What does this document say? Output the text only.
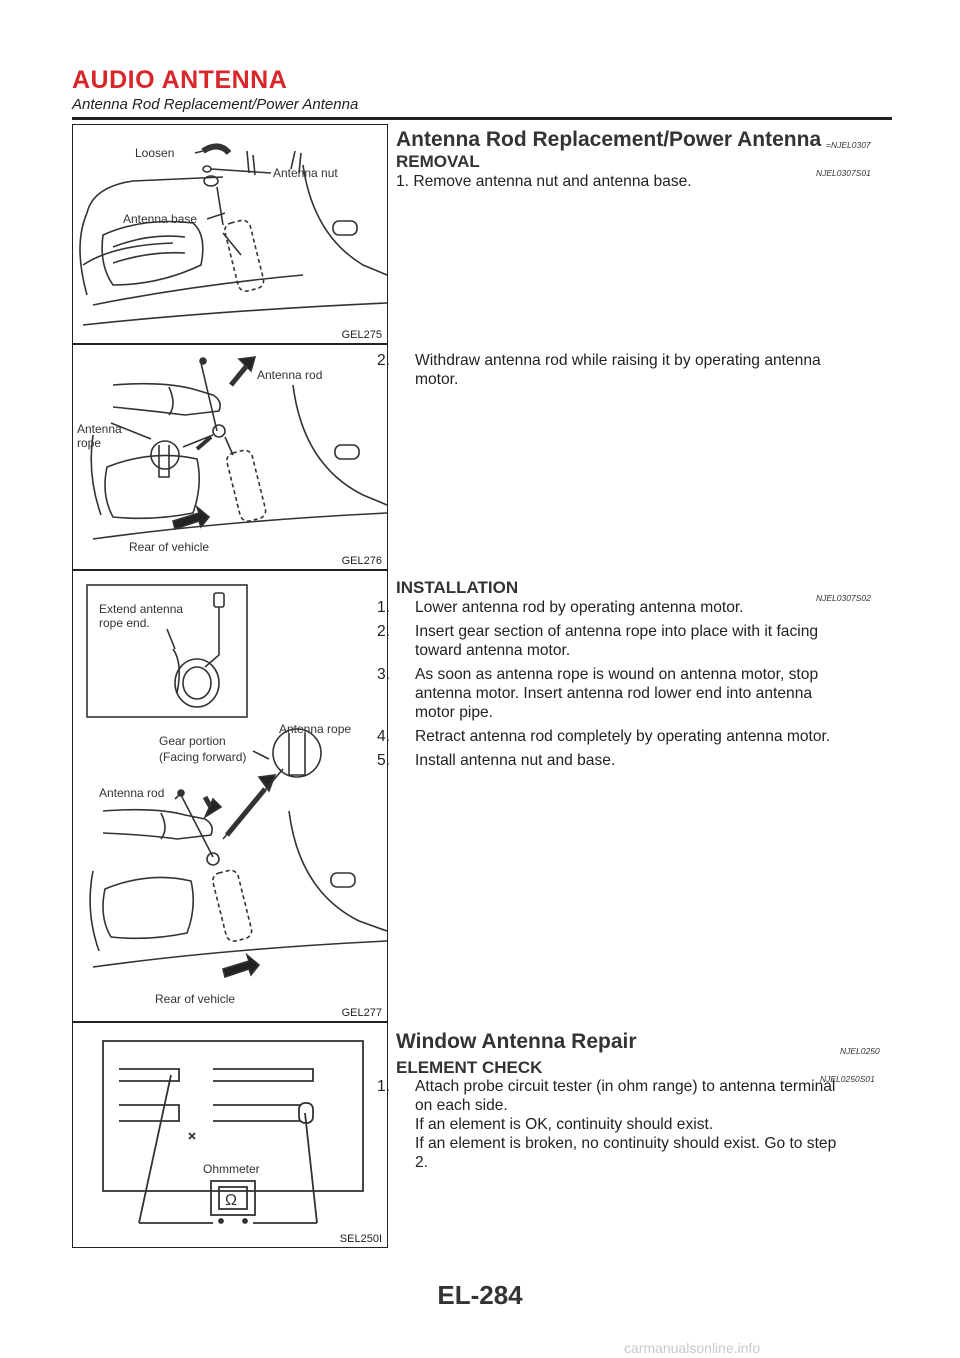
AUDIO ANTENNA
Antenna Rod Replacement/Power Antenna
Loosen
Antenna nut
Antenna base
GEL275
Antenna rod
Antenna
rope
Rear of vehicle
GEL276
Extend antenna
rope end.
Antenna rope
Gear portion
(Facing forward)
Antenna rod
Rear of vehicle
GEL277
Ohmmeter
Ω
SEL250I
Antenna Rod Replacement/Power Antenna =NJEL0307
REMOVAL
NJEL0307S01

1. Remove antenna nut and antenna base.

2. Withdraw antenna rod while raising it by operating antenna

motor.

INSTALLATION
NJEL0307S02

1. Lower antenna rod by operating antenna motor.

2. Insert gear section of antenna rope into place with it facing

toward antenna motor.

3. As soon as antenna rope is wound on antenna motor, stop

antenna motor. Insert antenna rod lower end into antenna

motor pipe.

4. Retract antenna rod completely by operating antenna motor.

5. Install antenna nut and base.

Window Antenna Repair	NJEL0250
ELEMENT CHECK
NJEL0250S01

1. Attach probe circuit tester (in ohm range) to antenna terminal

on each side.

If an element is OK, continuity should exist.

If an element is broken, no continuity should exist. Go to step

2.

EL-284
carmanualsonline.info
